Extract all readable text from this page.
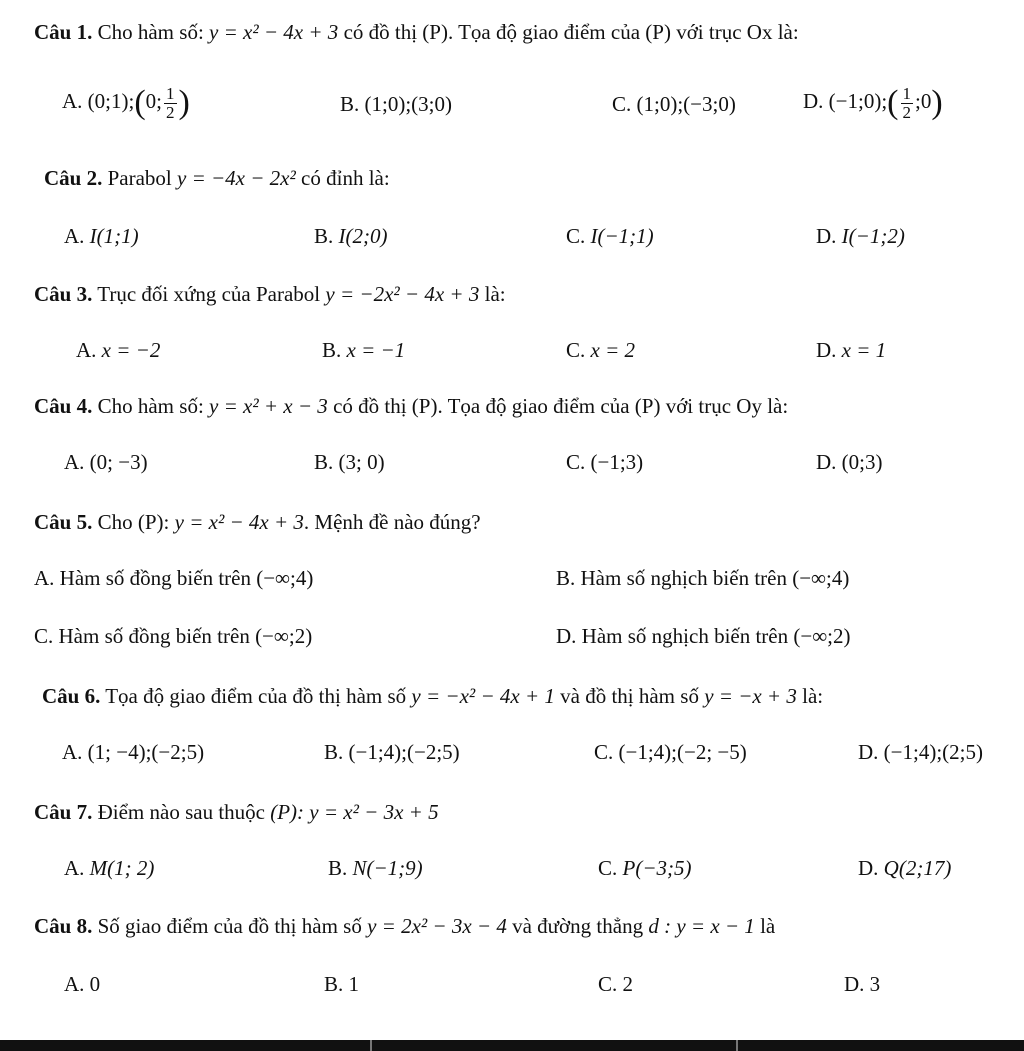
Câu 1. Cho hàm số: y = x² − 4x + 3 có đồ thị (P). Tọa độ giao điểm của (P) với trục Ox là:
A. (0;1);(0; $\frac{1}{2}$ )	B. (1;0);(3;0)	C. (1;0);(−3;0)	D. (−1;0);( $\frac{1}{2}$ ;0)
Câu 2. Parabol y = −4x − 2x² có đỉnh là:
A. I(1;1)	B. I(2;0)	C. I(−1;1)	D. I(−1;2)
Câu 3. Trục đối xứng của Parabol y = −2x² − 4x + 3 là:
A. x = −2	B. x = −1	C. x = 2	D. x = 1
Câu 4. Cho hàm số: y = x² + x − 3 có đồ thị (P). Tọa độ giao điểm của (P) với trục Oy là:
A. (0; −3)	B. (3; 0)	C. (−1;3)	D. (0;3)
Câu 5. Cho (P): y = x² − 4x + 3. Mệnh đề nào đúng?
A. Hàm số đồng biến trên (−∞;4)	B. Hàm số nghịch biến trên (−∞;4)
C. Hàm số đồng biến trên (−∞;2)	D. Hàm số nghịch biến trên (−∞;2)
Câu 6. Tọa độ giao điểm của đồ thị hàm số y = −x² − 4x + 1 và đồ thị hàm số y = −x + 3 là:
A. (1; −4);(−2;5)	B. (−1;4);(−2;5)	C. (−1;4);(−2; −5)	D. (−1;4);(2;5)
Câu 7. Điểm nào sau thuộc (P): y = x² − 3x + 5
A. M(1; 2)	B. N(−1;9)	C. P(−3;5)	D. Q(2;17)
Câu 8. Số giao điểm của đồ thị hàm số y = 2x² − 3x − 4 và đường thẳng d : y = x − 1 là
A. 0	B. 1	C. 2	D. 3
